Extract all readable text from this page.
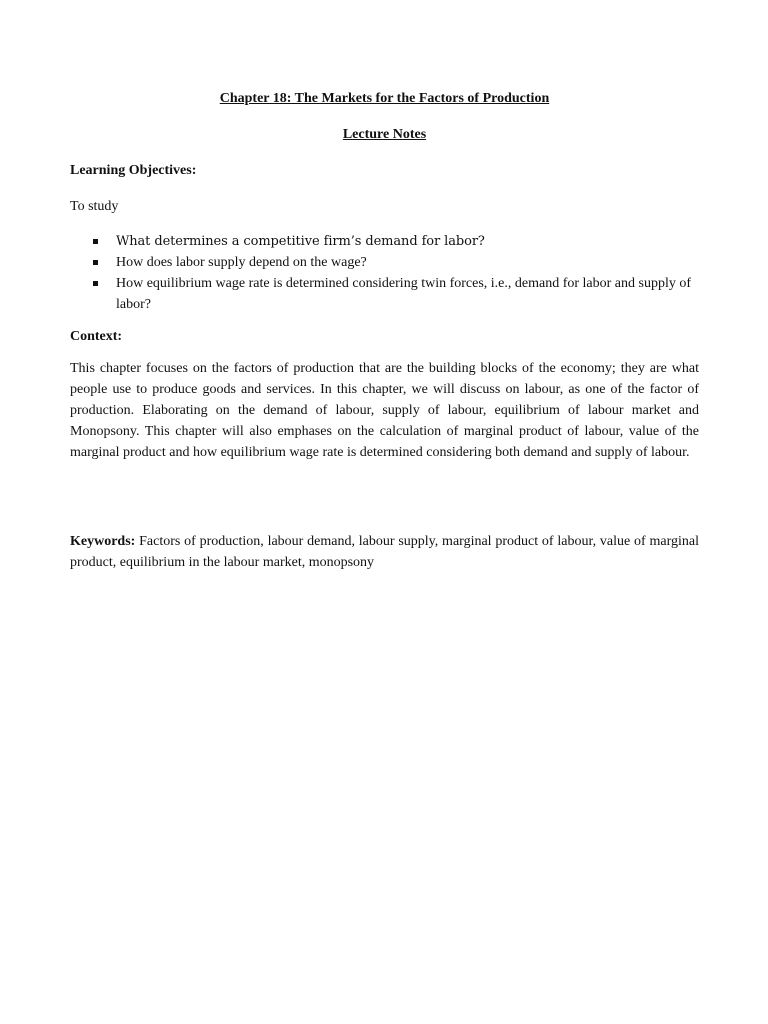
Chapter 18: The Markets for the Factors of Production

Lecture Notes

Learning Objectives:

To study

What determines a competitive firm’s demand for labor?
How does labor supply depend on the wage?
How equilibrium wage rate is determined considering twin forces, i.e., demand for labor and supply of labor?

Context:

This chapter focuses on the factors of production that are the building blocks of the economy; they are what people use to produce goods and services. In this chapter, we will discuss on labour, as one of the factor of production. Elaborating on the demand of labour, supply of labour, equilibrium of labour market and Monopsony. This chapter will also emphases on the calculation of marginal product of labour, value of the marginal product and how equilibrium wage rate is determined considering both demand and supply of labour.

Keywords: Factors of production, labour demand, labour supply, marginal product of labour, value of marginal product, equilibrium in the labour market, monopsony
